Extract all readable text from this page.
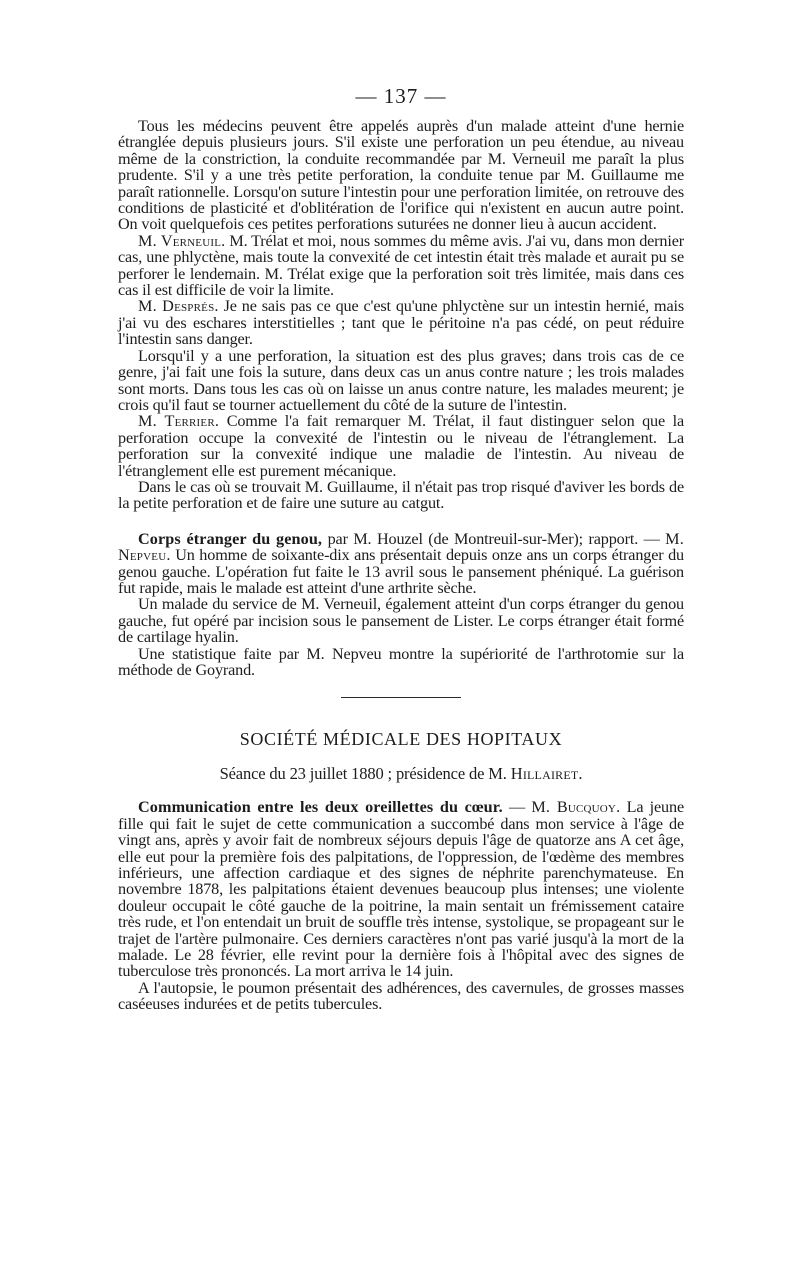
— 137 —

Tous les médecins peuvent être appelés auprès d'un malade atteint d'une hernie étranglée depuis plusieurs jours. S'il existe une perforation un peu étendue, au niveau même de la constriction, la conduite recommandée par M. Verneuil me paraît la plus prudente. S'il y a une très petite perforation, la conduite tenue par M. Guillaume me paraît rationnelle. Lorsqu'on suture l'intestin pour une perforation limitée, on retrouve des conditions de plasticité et d'oblitération de l'orifice qui n'existent en aucun autre point. On voit quelquefois ces petites perforations suturées ne donner lieu à aucun accident.

M. Verneuil. M. Trélat et moi, nous sommes du même avis. J'ai vu, dans mon dernier cas, une phlyctène, mais toute la convexité de cet intestin était très malade et aurait pu se perforer le lendemain. M. Trélat exige que la perforation soit très limitée, mais dans ces cas il est difficile de voir la limite.

M. Després. Je ne sais pas ce que c'est qu'une phlyctène sur un intestin hernié, mais j'ai vu des eschares interstitielles ; tant que le péritoine n'a pas cédé, on peut réduire l'intestin sans danger.

Lorsqu'il y a une perforation, la situation est des plus graves; dans trois cas de ce genre, j'ai fait une fois la suture, dans deux cas un anus contre nature ; les trois malades sont morts. Dans tous les cas où on laisse un anus contre nature, les malades meurent; je crois qu'il faut se tourner actuellement du côté de la suture de l'intestin.

M. Terrier. Comme l'a fait remarquer M. Trélat, il faut distinguer selon que la perforation occupe la convexité de l'intestin ou le niveau de l'étranglement. La perforation sur la convexité indique une maladie de l'intestin. Au niveau de l'étranglement elle est purement mécanique.

Dans le cas où se trouvait M. Guillaume, il n'était pas trop risqué d'aviver les bords de la petite perforation et de faire une suture au catgut.

Corps étranger du genou, par M. Houzel (de Montreuil-sur-Mer); rapport. — M. Nepveu. Un homme de soixante-dix ans présentait depuis onze ans un corps étranger du genou gauche. L'opération fut faite le 13 avril sous le pansement phéniqué. La guérison fut rapide, mais le malade est atteint d'une arthrite sèche.

Un malade du service de M. Verneuil, également atteint d'un corps étranger du genou gauche, fut opéré par incision sous le pansement de Lister. Le corps étranger était formé de cartilage hyalin.

Une statistique faite par M. Nepveu montre la supériorité de l'arthrotomie sur la méthode de Goyrand.

SOCIÉTÉ MÉDICALE DES HOPITAUX
Séance du 23 juillet 1880 ; présidence de M. Hillairet.

Communication entre les deux oreillettes du cœur. — M. Bucquoy. La jeune fille qui fait le sujet de cette communication a succombé dans mon service à l'âge de vingt ans, après y avoir fait de nombreux séjours depuis l'âge de quatorze ans A cet âge, elle eut pour la première fois des palpitations, de l'oppression, de l'œdème des membres inférieurs, une affection cardiaque et des signes de néphrite parenchymateuse. En novembre 1878, les palpitations étaient devenues beaucoup plus intenses; une violente douleur occupait le côté gauche de la poitrine, la main sentait un frémissement cataire très rude, et l'on entendait un bruit de souffle très intense, systolique, se propageant sur le trajet de l'artère pulmonaire. Ces derniers caractères n'ont pas varié jusqu'à la mort de la malade. Le 28 février, elle revint pour la dernière fois à l'hôpital avec des signes de tuberculose très prononcés. La mort arriva le 14 juin.

A l'autopsie, le poumon présentait des adhérences, des cavernules, de grosses masses caséeuses indurées et de petits tubercules.
